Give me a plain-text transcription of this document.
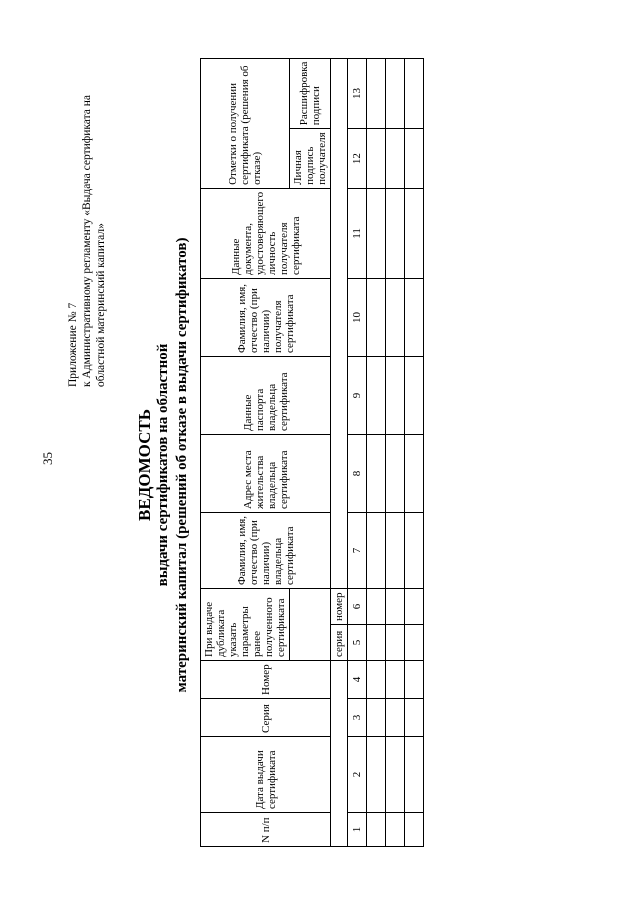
35
Приложение № 7 к Административному регламенту «Выдача сертификата на областной материнский капитал»
ВЕДОМОСТЬ выдачи сертификатов на областной материнский капитал (решений об отказе в выдачи сертификатов)
N п/п	Дата выдачи сертификата	Серия	Номер	При выдаче дубликата указать параметры ранее полученного сертификата		Фамилия, имя, отчество (при наличии) владельца сертификата	Адрес места жительства владельца сертификата	Данные паспорта владельца сертификата	Фамилия, имя, отчество (при наличии) получателя сертификата	Данные документа, удостоверяющего личность получателя сертификата	Отметки о получении сертификата (решения об отказе)	
											Личная подпись получателя	Расшифровка подписи

				серия	номер							
1	2	3	4	5	6	7	8	9	10	11	12	13
